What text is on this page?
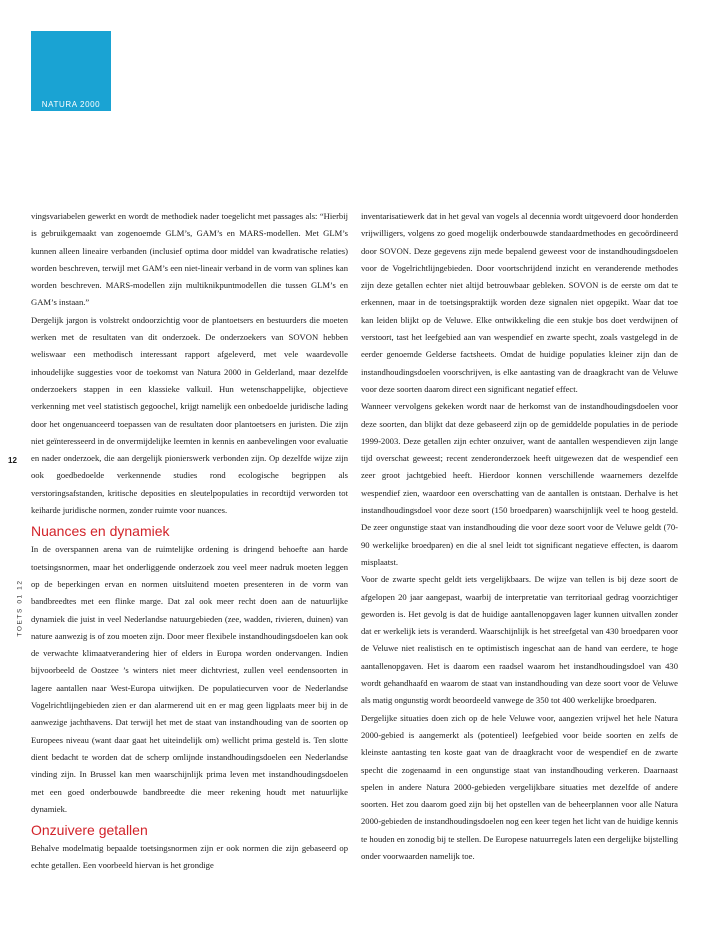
NATURA 2000
12
TOETS 01 12

vingsvariabelen gewerkt en wordt de methodiek nader toegelicht met passages als: “Hierbij is gebruikgemaakt van zogenoemde GLM’s, GAM’s en MARS-modellen. Met GLM’s kunnen alleen lineaire verbanden (inclusief optima door middel van kwadratische relaties) worden beschreven, terwijl met GAM’s een niet-lineair verband in de vorm van splines kan worden beschreven. MARS-modellen zijn multiknikpuntmodellen die tussen GLM’s en GAM’s instaan.”

Dergelijk jargon is volstrekt ondoorzichtig voor de plantoetsers en bestuurders die moeten werken met de resultaten van dit onderzoek. De onderzoekers van SOVON hebben weliswaar een methodisch interessant rapport afgeleverd, met vele waardevolle inhoudelijke suggesties voor de toekomst van Natura 2000 in Gelderland, maar dezelfde onderzoekers stappen in een klassieke valkuil. Hun wetenschappelijke, objectieve verkenning met veel statistisch gegoochel, krijgt namelijk een onbedoelde juridische lading door het ongenuanceerd toepassen van de resultaten door plantoetsers en juristen. Die zijn niet geïnteresseerd in de onvermijdelijke leemten in kennis en aanbevelingen voor evaluatie en nader onderzoek, die aan dergelijk pionierswerk verbonden zijn. Op dezelfde wijze zijn ook goedbedoelde verkennende studies rond ecologische begrippen als verstoringsafstanden, kritische deposities en sleutelpopulaties in recordtijd verworden tot keiharde juridische normen, zonder ruimte voor nuances.

Nuances en dynamiek

In de overspannen arena van de ruimtelijke ordening is dringend behoefte aan harde toetsingsnormen, maar het onderliggende onderzoek zou veel meer nadruk moeten leggen op de beperkingen ervan en normen uitsluitend moeten presenteren in de vorm van bandbreedtes met een flinke marge. Dat zal ook meer recht doen aan de natuurlijke dynamiek die juist in veel Nederlandse natuurgebieden (zee, wadden, rivieren, duinen) van nature aanwezig is of zou moeten zijn. Door meer flexibele instandhoudingsdoelen kan ook de verwachte klimaatverandering hier of elders in Europa worden ondervangen. Indien bijvoorbeeld de Oostzee ’s winters niet meer dichtvriest, zullen veel eendensoorten in lagere aantallen naar West-Europa uitwijken. De populatiecurven voor de Nederlandse Vogelrichtlijngebieden zien er dan alarmerend uit en er mag geen ligplaats meer bij in de aanwezige jachthavens. Dat terwijl het met de staat van instandhouding van de soorten op Europees niveau (want daar gaat het uiteindelijk om) wellicht prima gesteld is. Ten slotte dient bedacht te worden dat de scherp omlijnde instandhoudingsdoelen een Nederlandse vinding zijn. In Brussel kan men waarschijnlijk prima leven met instandhoudingsdoelen met een goed onderbouwde bandbreedte die meer rekening houdt met natuurlijke dynamiek.

Onzuivere getallen

Behalve modelmatig bepaalde toetsingsnormen zijn er ook normen die zijn gebaseerd op echte getallen. Een voorbeeld hiervan is het grondige

inventarisatiewerk dat in het geval van vogels al decennia wordt uitgevoerd door honderden vrijwilligers, volgens zo goed mogelijk onderbouwde standaardmethodes en gecoördineerd door SOVON. Deze gegevens zijn mede bepalend geweest voor de instandhoudingsdoelen voor de Vogelrichtlijngebieden. Door voortschrijdend inzicht en veranderende methodes zijn deze getallen echter niet altijd betrouwbaar gebleken. SOVON is de eerste om dat te erkennen, maar in de toetsingspraktijk worden deze signalen niet opgepikt. Waar dat toe kan leiden blijkt op de Veluwe. Elke ontwikkeling die een stukje bos doet verdwijnen of verstoort, tast het leefgebied aan van wespendief en zwarte specht, zoals vastgelegd in de eerder genoemde Gelderse factsheets. Omdat de huidige populaties kleiner zijn dan de instandhoudingsdoelen voorschrijven, is elke aantasting van de draagkracht van de Veluwe voor deze soorten daarom direct een significant negatief effect.

Wanneer vervolgens gekeken wordt naar de herkomst van de instandhoudingsdoelen voor deze soorten, dan blijkt dat deze gebaseerd zijn op de gemiddelde populaties in de periode 1999-2003. Deze getallen zijn echter onzuiver, want de aantallen wespendieven zijn lange tijd overschat geweest; recent zenderonderzoek heeft uitgewezen dat de wespendief een zeer groot jachtgebied heeft. Hierdoor konnen verschillende waarnemers dezelfde wespendief zien, waardoor een overschatting van de aantallen is ontstaan. Derhalve is het instandhoudingsdoel voor deze soort (150 broedparen) waarschijnlijk veel te hoog gesteld. De zeer ongunstige staat van instandhouding die voor deze soort voor de Veluwe geldt (70-90 werkelijke broedparen) en die al snel leidt tot significant negatieve effecten, is daarom misplaatst.

Voor de zwarte specht geldt iets vergelijkbaars. De wijze van tellen is bij deze soort de afgelopen 20 jaar aangepast, waarbij de interpretatie van territoriaal gedrag voorzichtiger geworden is. Het gevolg is dat de huidige aantallenopgaven lager kunnen uitvallen zonder dat er werkelijk iets is veranderd. Waarschijnlijk is het streefgetal van 430 broedparen voor de Veluwe niet realistisch en te optimistisch ingeschat aan de hand van eerdere, te hoge aantallenopgaven. Het is daarom een raadsel waarom het instandhoudingsdoel van 430 wordt gehandhaafd en waarom de staat van instandhouding van deze soort voor de Veluwe als matig ongunstig wordt beoordeeld vanwege de 350 tot 400 werkelijke broedparen.

Dergelijke situaties doen zich op de hele Veluwe voor, aangezien vrijwel het hele Natura 2000-gebied is aangemerkt als (potentieel) leefgebied voor beide soorten en zelfs de kleinste aantasting ten koste gaat van de draagkracht voor de wespendief en de zwarte specht die zogenaamd in een ongunstige staat van instandhouding verkeren. Daarnaast spelen in andere Natura 2000-gebieden vergelijkbare situaties met dezelfde of andere soorten. Het zou daarom goed zijn bij het opstellen van de beheerplannen voor alle Natura 2000-gebieden de instandhoudingsdoelen nog een keer tegen het licht van de huidige kennis te houden en zonodig bij te stellen. De Europese natuurregels laten een dergelijke bijstelling onder voorwaarden namelijk toe.
